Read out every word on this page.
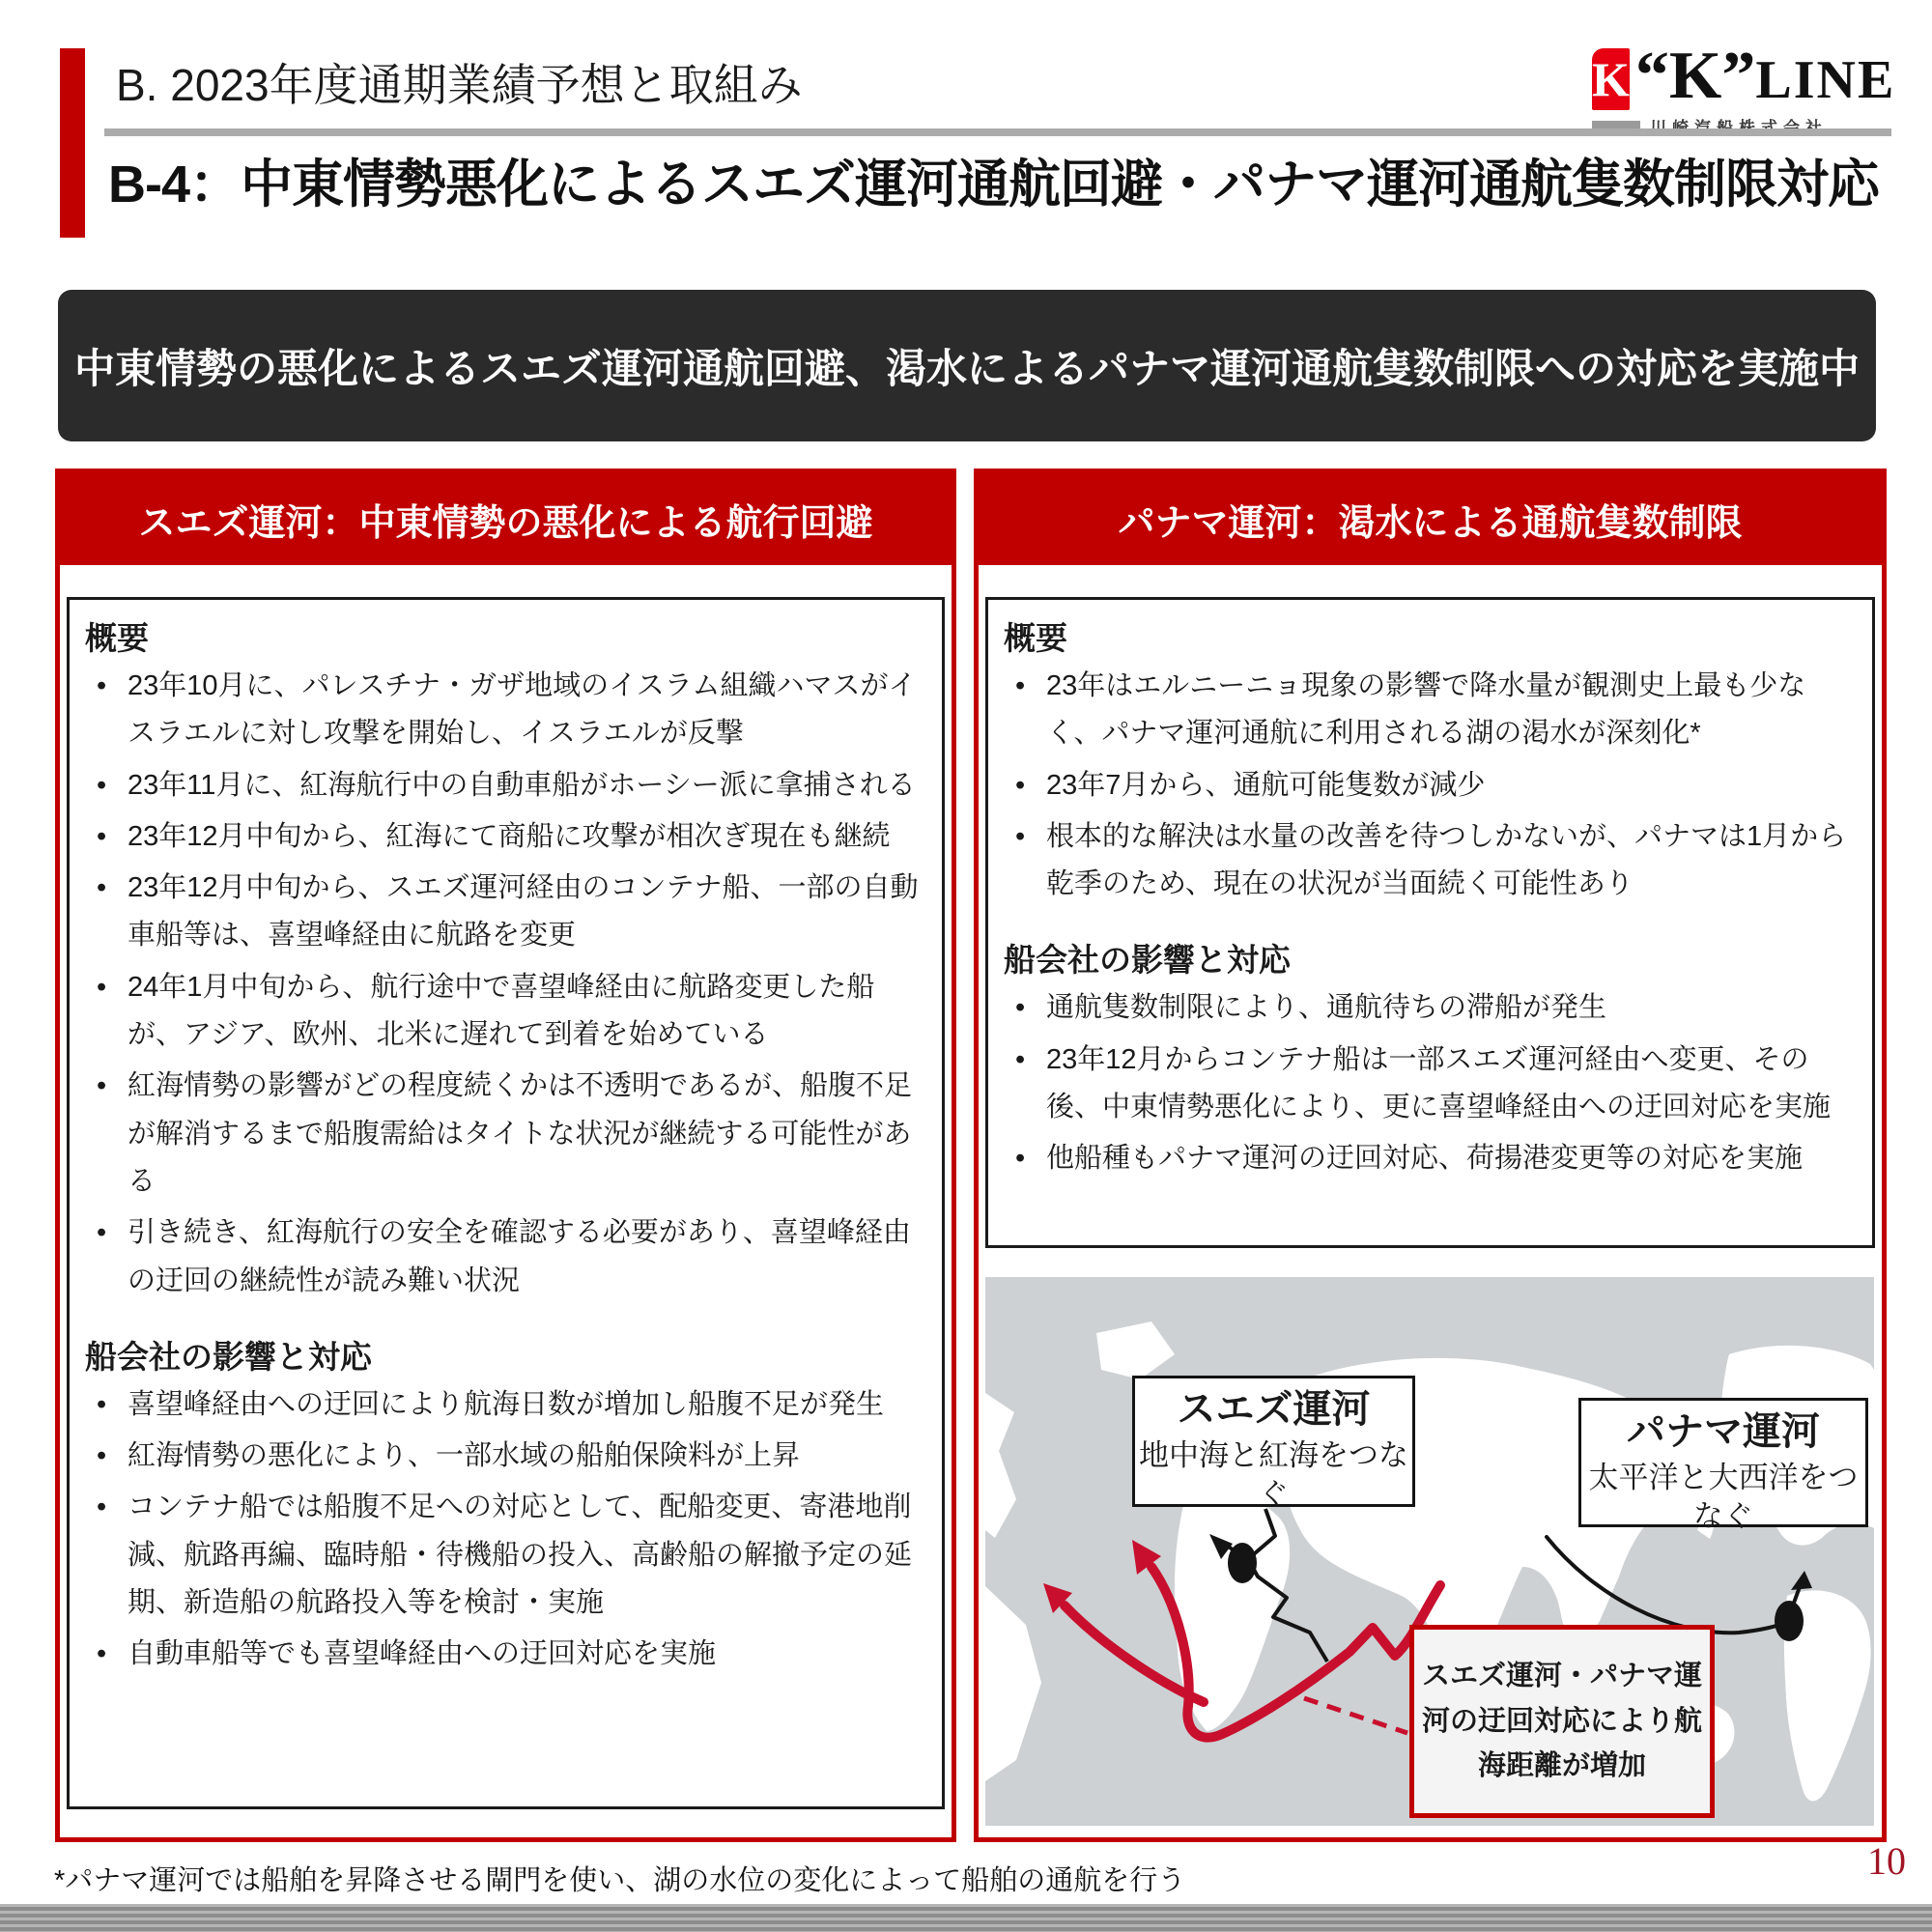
B. 2023年度通期業績予想と取組み	K “K”LINE
B-4：中東情勢悪化によるスエズ運河通航回避・パナマ運河通航隻数制限対応
中東情勢の悪化によるスエズ運河通航回避、渇水によるパナマ運河通航隻数制限への対応を実施中
スエズ運河：中東情勢の悪化による航行回避
概要
• 23年10月に、パレスチナ・ガザ地域のイスラム組織ハマスがイスラエルに対し攻撃を開始し、イスラエルが反撃
• 23年11月に、紅海航行中の自動車船がホーシー派に拿捕される
• 23年12月中旬から、紅海にて商船に攻撃が相次ぎ現在も継続
• 23年12月中旬から、スエズ運河経由のコンテナ船、一部の自動車船等は、喜望峰経由に航路を変更
• 24年1月中旬から、航行途中で喜望峰経由に航路変更した船が、アジア、欧州、北米に遅れて到着を始めている
• 紅海情勢の影響がどの程度続くかは不透明であるが、船腹不足が解消するまで船腹需給はタイトな状況が継続する可能性がある
• 引き続き、紅海航行の安全を確認する必要があり、喜望峰経由の迂回の継続性が読み難い状況
船会社の影響と対応
• 喜望峰経由への迂回により航海日数が増加し船腹不足が発生
• 紅海情勢の悪化により、一部水域の船舶保険料が上昇
• コンテナ船では船腹不足への対応として、配船変更、寄港地削減、航路再編、臨時船・待機船の投入、高齢船の解撤予定の延期、新造船の航路投入等を検討・実施
• 自動車船等でも喜望峰経由への迂回対応を実施
パナマ運河：渇水による通航隻数制限
概要
• 23年はエルニーニョ現象の影響で降水量が観測史上最も少なく、パナマ運河通航に利用される湖の渇水が深刻化*
• 23年7月から、通航可能隻数が減少
• 根本的な解決は水量の改善を待つしかないが、パナマは1月から乾季のため、現在の状況が当面続く可能性あり
船会社の影響と対応
• 通航隻数制限により、通航待ちの滞船が発生
• 23年12月からコンテナ船は一部スエズ運河経由へ変更、その後、中東情勢悪化により、更に喜望峰経由への迂回対応を実施
• 他船種もパナマ運河の迂回対応、荷揚港変更等の対応を実施
スエズ運河
地中海と紅海をつなぐ
パナマ運河
太平洋と大西洋をつなぐ
スエズ運河・パナマ運河の迂回対応により航海距離が増加
10
*パナマ運河では船舶を昇降させる閘門を使い、湖の水位の変化によって船舶の通航を行う
